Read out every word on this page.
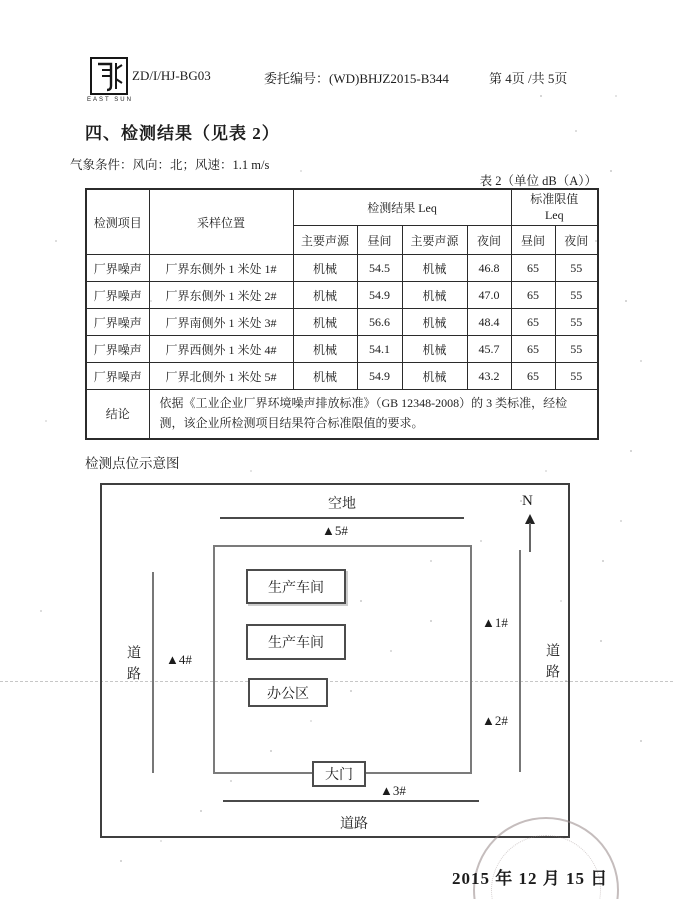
EAST SUN
ZD/I/HJ-BG03	委托编号：(WD)BHJZ2015-B344	第 4页 /共 5页
四、检测结果（见表 2）
气象条件：风向：北；风速：1.1 m/s
表 2（单位 dB（A））
检测项目	采样位置	检测结果 Leq				标准限值 Leq	

		主要声源	昼间	主要声源	夜间	昼间	夜间
厂界噪声	厂界东侧外 1 米处 1#	机械	54.5	机械	46.8	65	55
厂界噪声	厂界东侧外 1 米处 2#	机械	54.9	机械	47.0	65	55
厂界噪声	厂界南侧外 1 米处 3#	机械	56.6	机械	48.4	65	55
厂界噪声	厂界西侧外 1 米处 4#	机械	54.1	机械	45.7	65	55
厂界噪声	厂界北侧外 1 米处 5#	机械	54.9	机械	43.2	65	55
结论	依据《工业企业厂界环境噪声排放标准》（GB 12348-2008）的 3 类标准，经检测，该企业所检测项目结果符合标准限值的要求。						
检测点位示意图
空地
▲5#
生产车间
生产车间
办公区
大门
▲1#
▲2#
▲3#
▲4#
道路	道路
道路
N
2015 年 12 月 15 日
